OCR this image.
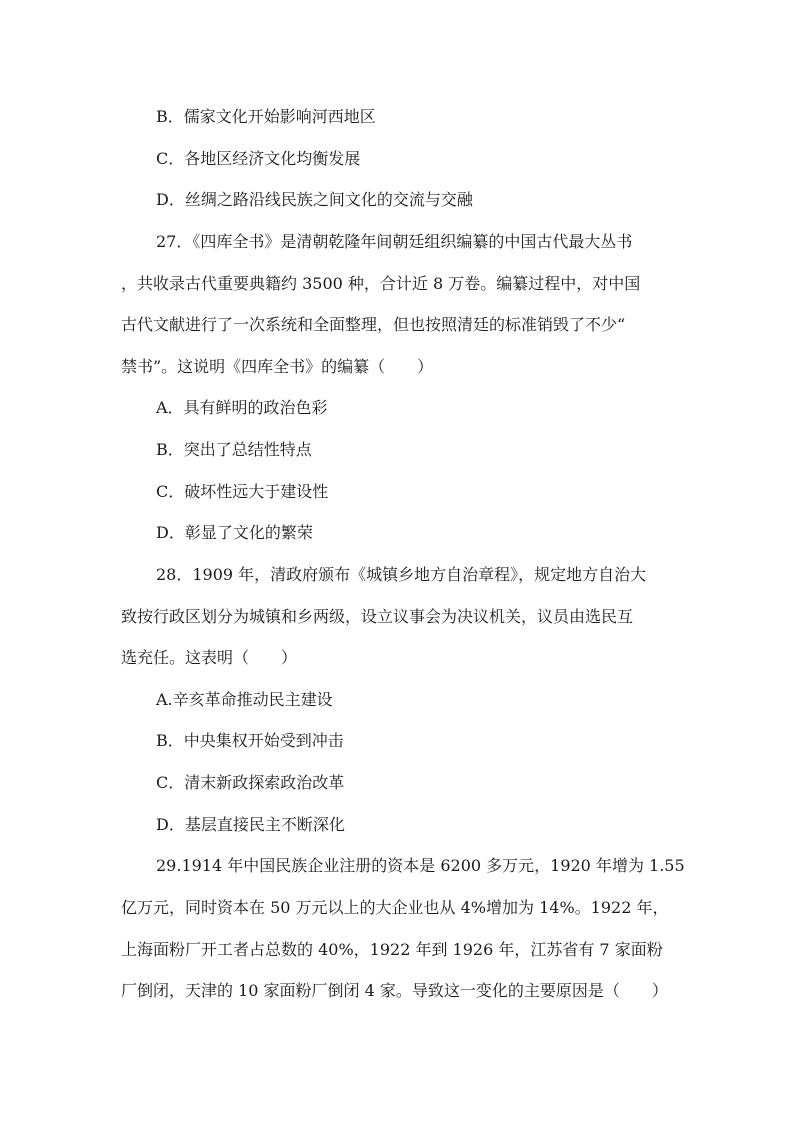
B．儒家文化开始影响河西地区
C．各地区经济文化均衡发展
D．丝绸之路沿线民族之间文化的交流与交融
27．《四库全书》是清朝乾隆年间朝廷组织编纂的中国古代最大丛书
，共收录古代重要典籍约 3500 种，合计近 8 万卷。编纂过程中，对中国
古代文献进行了一次系统和全面整理，但也按照清廷的标准销毁了不少“
禁书”。这说明《四库全书》的编纂（　　）
A．具有鲜明的政治色彩
B．突出了总结性特点
C．破坏性远大于建设性
D．彰显了文化的繁荣
28．1909 年，清政府颁布《城镇乡地方自治章程》，规定地方自治大
致按行政区划分为城镇和乡两级，设立议事会为决议机关，议员由选民互
选充任。这表明（　　）
A.辛亥革命推动民主建设
B．中央集权开始受到冲击
C．清末新政探索政治改革
D．基层直接民主不断深化
29.1914 年中国民族企业注册的资本是 6200 多万元，1920 年增为 1.55
亿万元，同时资本在 50 万元以上的大企业也从 4%增加为 14%。1922 年，
上海面粉厂开工者占总数的 40%，1922 年到 1926 年，江苏省有 7 家面粉
厂倒闭，天津的 10 家面粉厂倒闭 4 家。导致这一变化的主要原因是（　　）
